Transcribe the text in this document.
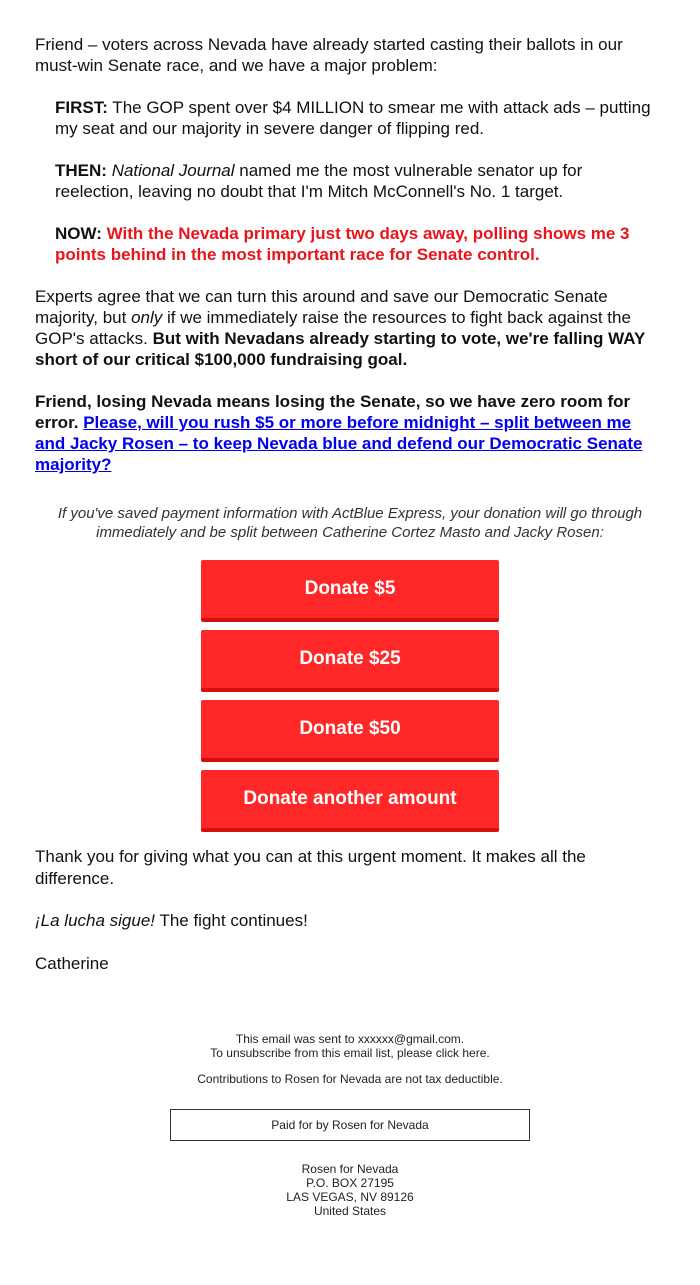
Friend – voters across Nevada have already started casting their ballots in our must-win Senate race, and we have a major problem:

FIRST: The GOP spent over $4 MILLION to smear me with attack ads – putting my seat and our majority in severe danger of flipping red.

THEN: National Journal named me the most vulnerable senator up for reelection, leaving no doubt that I'm Mitch McConnell's No. 1 target.

NOW: With the Nevada primary just two days away, polling shows me 3 points behind in the most important race for Senate control.

Experts agree that we can turn this around and save our Democratic Senate majority, but only if we immediately raise the resources to fight back against the GOP's attacks. But with Nevadans already starting to vote, we're falling WAY short of our critical $100,000 fundraising goal.

Friend, losing Nevada means losing the Senate, so we have zero room for error. Please, will you rush $5 or more before midnight – split between me and Jacky Rosen – to keep Nevada blue and defend our Democratic Senate majority?

If you've saved payment information with ActBlue Express, your donation will go through immediately and be split between Catherine Cortez Masto and Jacky Rosen:

Donate $5
Donate $25
Donate $50
Donate another amount

Thank you for giving what you can at this urgent moment. It makes all the difference.

¡La lucha sigue! The fight continues!

Catherine

This email was sent to xxxxxx@gmail.com.

To unsubscribe from this email list, please click here.

Contributions to Rosen for Nevada are not tax deductible.

Paid for by Rosen for Nevada

Rosen for Nevada

P.O. BOX 27195

LAS VEGAS, NV 89126

United States
